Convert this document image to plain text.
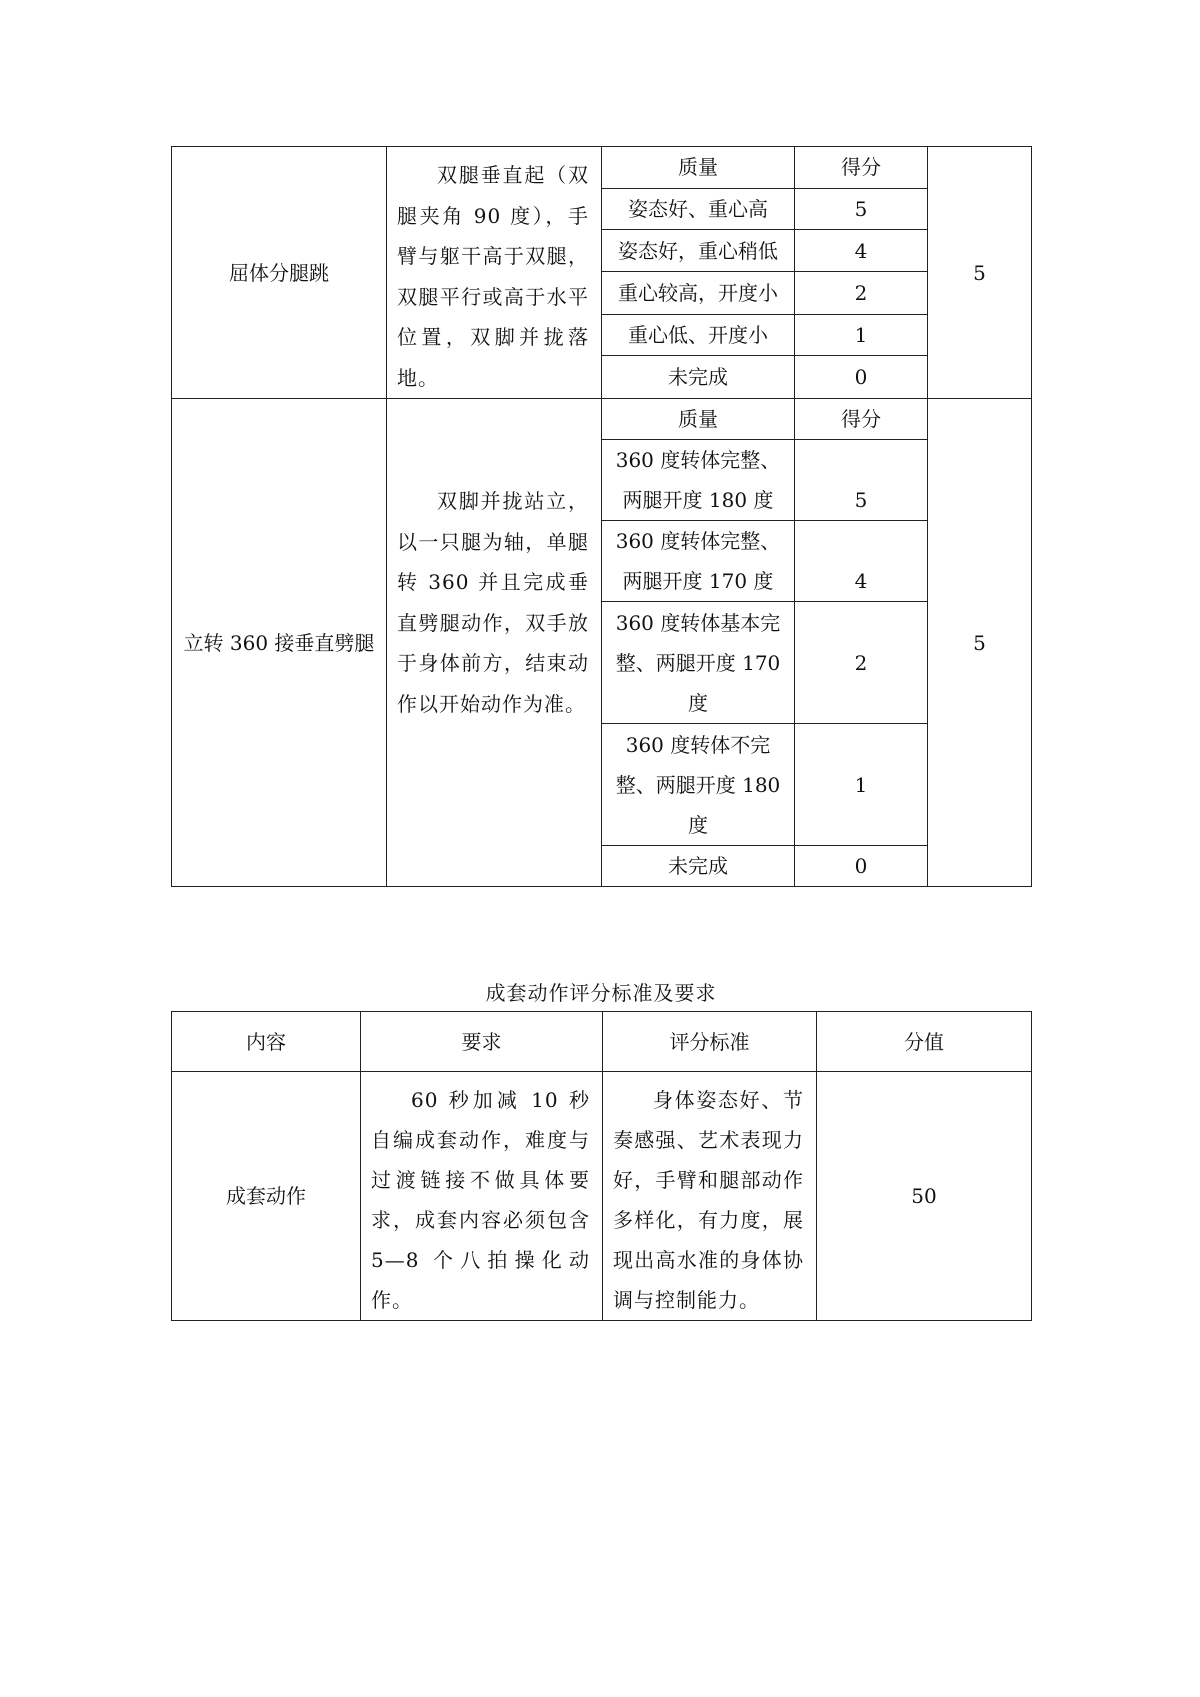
屈体分腿跳	双腿垂直起（双腿夹角 90 度），手臂与躯干高于双腿，双腿平行或高于水平位置，双脚并拢落地。	质量	得分	5
		姿态好、重心高	5	
		姿态好，重心稍低	4	
		重心较高，开度小	2	
		重心低、开度小	1	
		未完成	0	
立转 360 接垂直劈腿	双脚并拢站立，以一只腿为轴，单腿转 360 并且完成垂直劈腿动作，双手放于身体前方，结束动作以开始动作为准。	质量	得分	5
		360 度转体完整、两腿开度 180 度	5	
		360 度转体完整、两腿开度 170 度	4	
		360 度转体基本完整、两腿开度 170 度	2	
		360 度转体不完整、两腿开度 180 度	1	
		未完成	0	
成套动作评分标准及要求
内容	要求	评分标准	分值
成套动作	60 秒加减 10 秒自编成套动作，难度与过渡链接不做具体要求，成套内容必须包含 5—8 个八拍操化动作。	身体姿态好、节奏感强、艺术表现力好，手臂和腿部动作多样化，有力度，展现出高水准的身体协调与控制能力。	50
